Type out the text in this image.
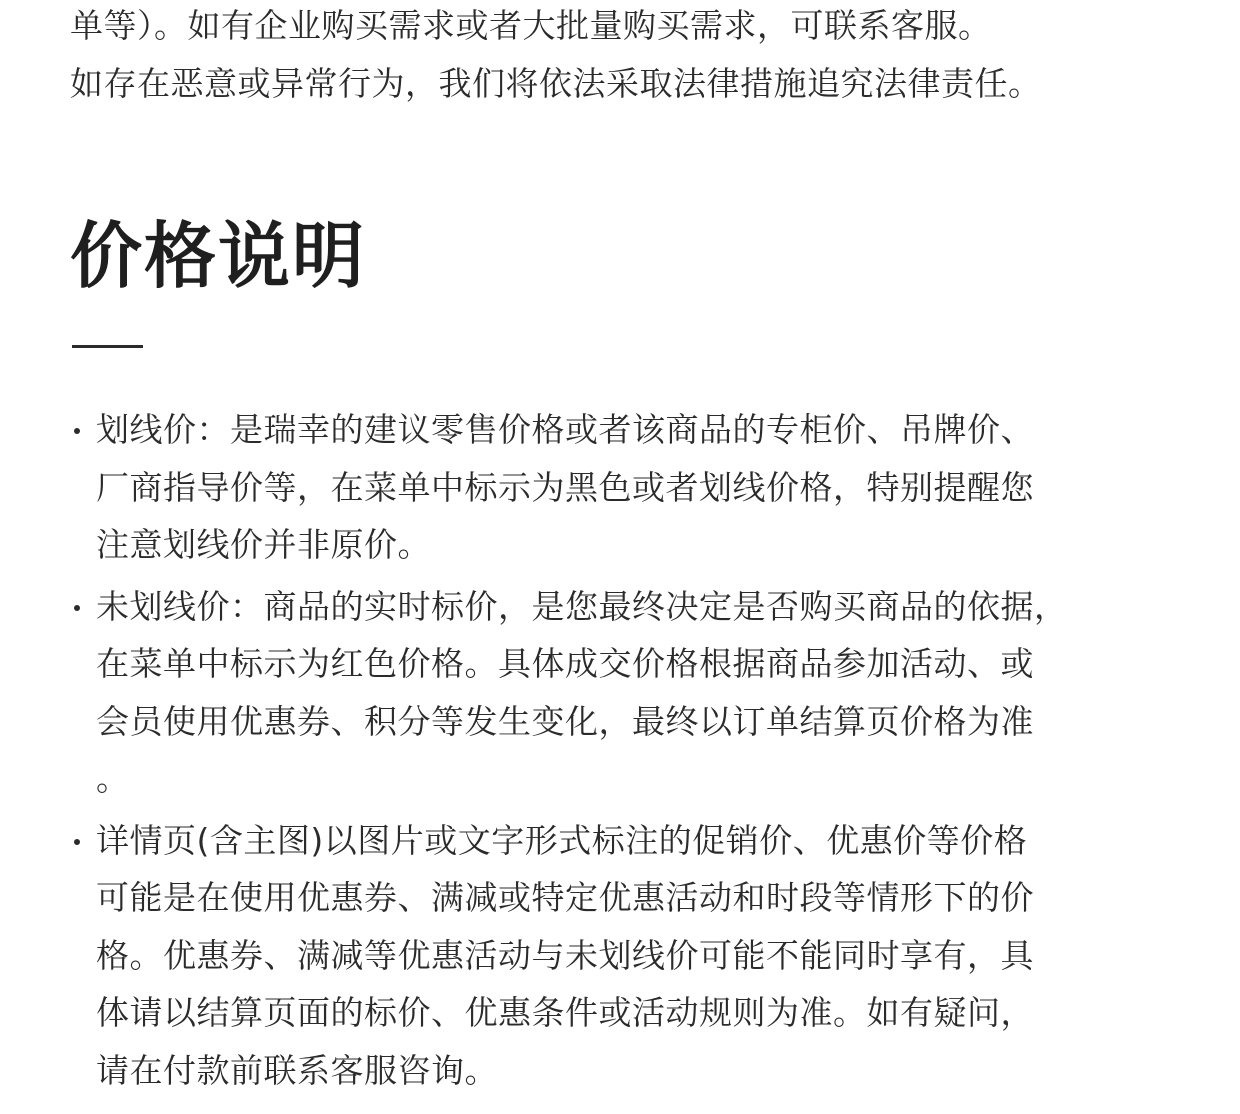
单等）。如有企业购买需求或者大批量购买需求，可联系客服。
如存在恶意或异常行为，我们将依法采取法律措施追究法律责任。
价格说明
划线价：是瑞幸的建议零售价格或者该商品的专柜价、吊牌价、
厂商指导价等，在菜单中标示为黑色或者划线价格，特别提醒您
注意划线价并非原价。
未划线价：商品的实时标价，是您最终决定是否购买商品的依据，
在菜单中标示为红色价格。具体成交价格根据商品参加活动、或
会员使用优惠券、积分等发生变化，最终以订单结算页价格为准
。
详情页(含主图)以图片或文字形式标注的促销价、优惠价等价格
可能是在使用优惠券、满减或特定优惠活动和时段等情形下的价
格。优惠券、满减等优惠活动与未划线价可能不能同时享有，具
体请以结算页面的标价、优惠条件或活动规则为准。如有疑问，
请在付款前联系客服咨询。
